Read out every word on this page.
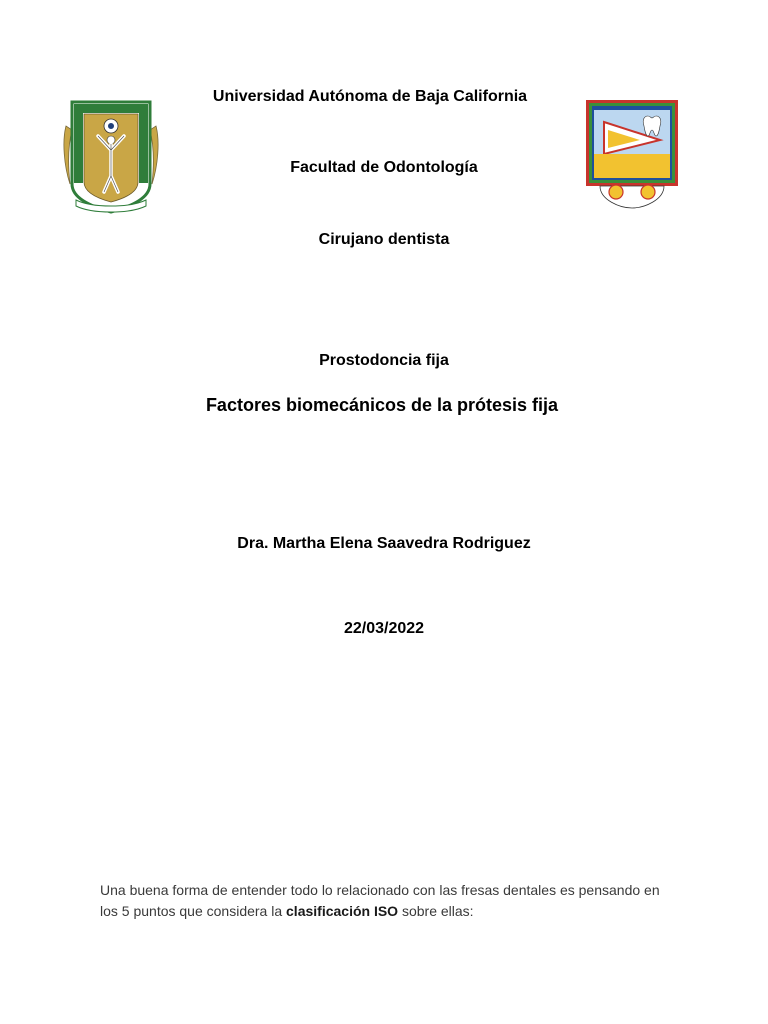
Universidad Autónoma de Baja California
Facultad de Odontología
Cirujano dentista
Prostodoncia fija
Factores biomecánicos de la prótesis fija
Dra. Martha Elena Saavedra Rodriguez
22/03/2022

Una buena forma de entender todo lo relacionado con las fresas dentales es pensando en los 5 puntos que considera la clasificación ISO sobre ellas:
